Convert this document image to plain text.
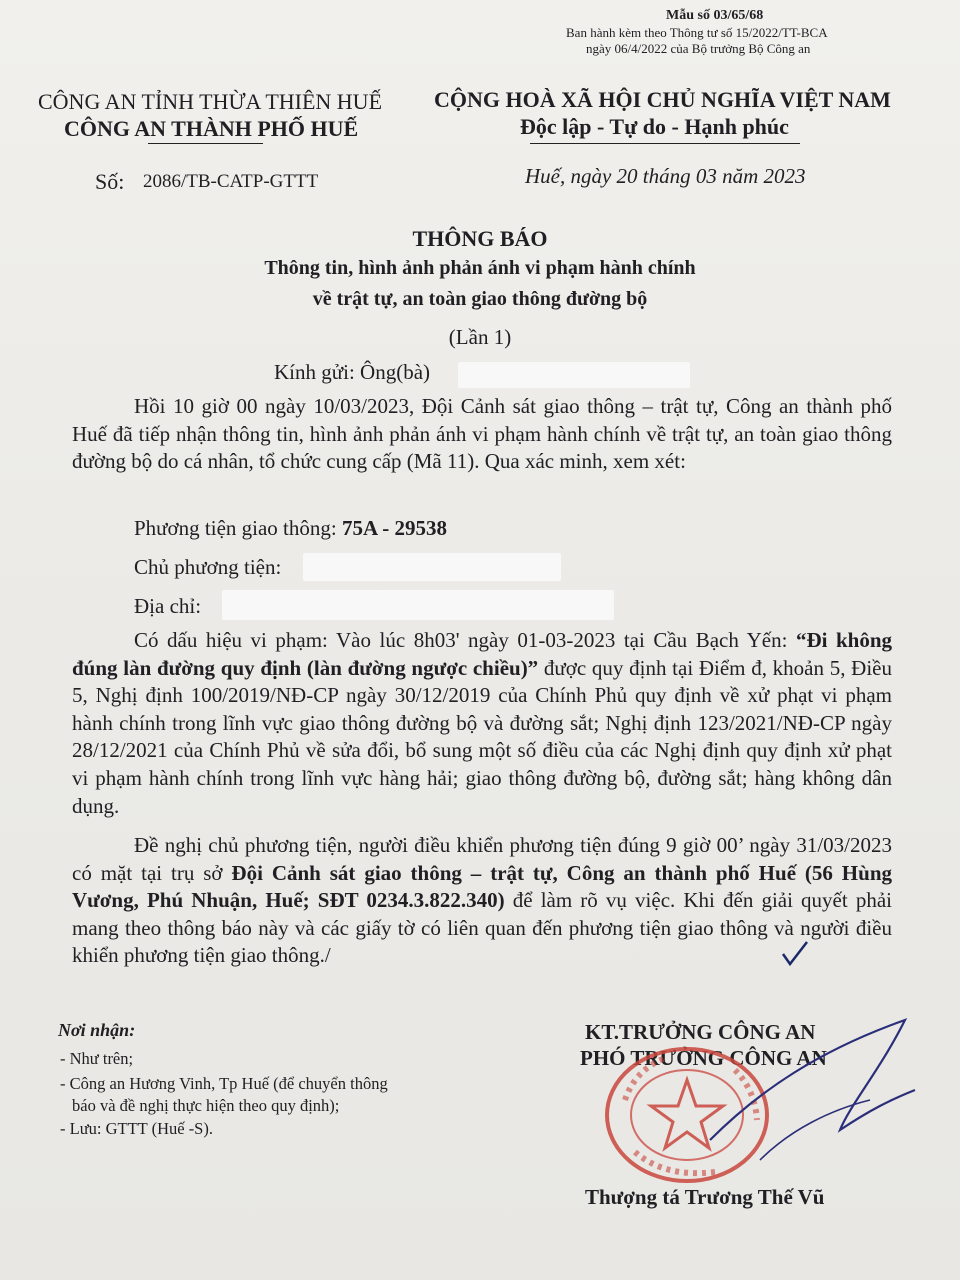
Mẫu số 03/65/68
Ban hành kèm theo Thông tư số 15/2022/TT-BCA
ngày 06/4/2022 của Bộ trưởng Bộ Công an
CÔNG AN TỈNH THỪA THIÊN HUẾ
CÔNG AN THÀNH PHỐ HUẾ
CỘNG HOÀ XÃ HỘI CHỦ NGHĨA VIỆT NAM
Độc lập - Tự do - Hạnh phúc
Số: 2086/TB-CATP-GTTT	Huế, ngày 20 tháng 03 năm 2023
THÔNG BÁO
Thông tin, hình ảnh phản ánh vi phạm hành chính
về trật tự, an toàn giao thông đường bộ
(Lần 1)
Kính gửi: Ông(bà)
Hồi 10 giờ 00 ngày 10/03/2023, Đội Cảnh sát giao thông – trật tự, Công an thành phố Huế đã tiếp nhận thông tin, hình ảnh phản ánh vi phạm hành chính về trật tự, an toàn giao thông đường bộ do cá nhân, tổ chức cung cấp (Mã 11). Qua xác minh, xem xét:
Phương tiện giao thông: 75A - 29538
Chủ phương tiện:
Địa chỉ:
Có dấu hiệu vi phạm: Vào lúc 8h03' ngày 01-03-2023 tại Cầu Bạch Yến: “Đi không đúng làn đường quy định (làn đường ngược chiều)” được quy định tại Điểm đ, khoản 5, Điều 5, Nghị định 100/2019/NĐ-CP ngày 30/12/2019 của Chính Phủ quy định về xử phạt vi phạm hành chính trong lĩnh vực giao thông đường bộ và đường sắt; Nghị định 123/2021/NĐ-CP ngày 28/12/2021 của Chính Phủ về sửa đổi, bổ sung một số điều của các Nghị định quy định xử phạt vi phạm hành chính trong lĩnh vực hàng hải; giao thông đường bộ, đường sắt; hàng không dân dụng.
Đề nghị chủ phương tiện, người điều khiển phương tiện đúng 9 giờ 00’ ngày 31/03/2023 có mặt tại trụ sở Đội Cảnh sát giao thông – trật tự, Công an thành phố Huế (56 Hùng Vương, Phú Nhuận, Huế; SĐT 0234.3.822.340) để làm rõ vụ việc. Khi đến giải quyết phải mang theo thông báo này và các giấy tờ có liên quan đến phương tiện giao thông và người điều khiển phương tiện giao thông./
Nơi nhận:
- Như trên;
- Công an Hương Vinh, Tp Huế (để chuyển thông
báo và đề nghị thực hiện theo quy định);
- Lưu: GTTT (Huế -S).
KT.TRƯỞNG CÔNG AN
PHÓ TRƯỞNG CÔNG AN
Thượng tá Trương Thế Vũ
